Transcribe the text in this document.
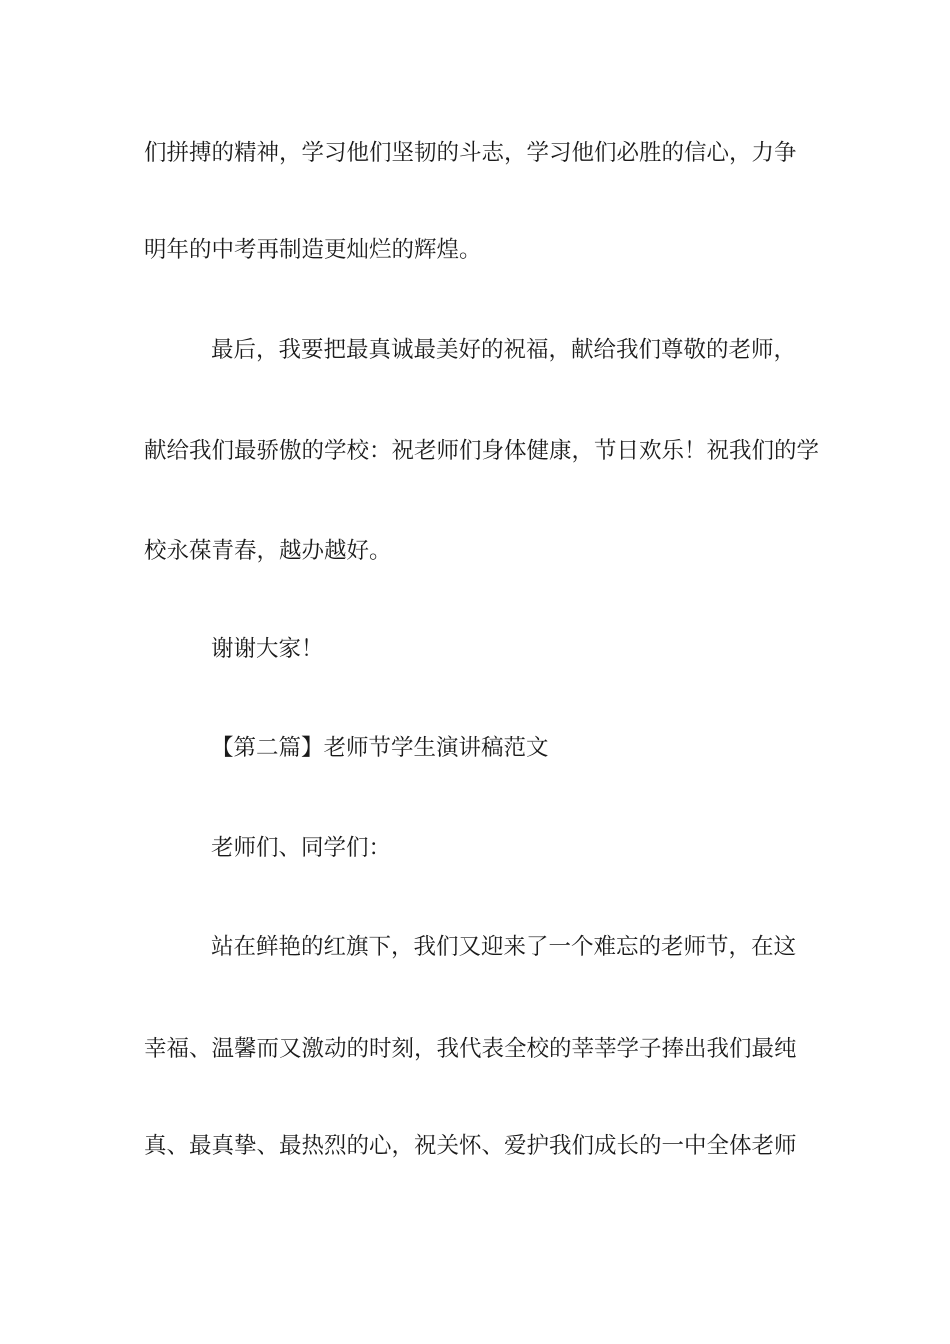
们拼搏的精神，学习他们坚韧的斗志，学习他们必胜的信心，力争
明年的中考再制造更灿烂的辉煌。
最后，我要把最真诚最美好的祝福，献给我们尊敬的老师，
献给我们最骄傲的学校：祝老师们身体健康，节日欢乐！祝我们的学
校永葆青春，越办越好。
谢谢大家！
【第二篇】老师节学生演讲稿范文
老师们、同学们：
站在鲜艳的红旗下，我们又迎来了一个难忘的老师节，在这
幸福、温馨而又激动的时刻，我代表全校的莘莘学子捧出我们最纯
真、最真挚、最热烈的心，祝关怀、爱护我们成长的一中全体老师
